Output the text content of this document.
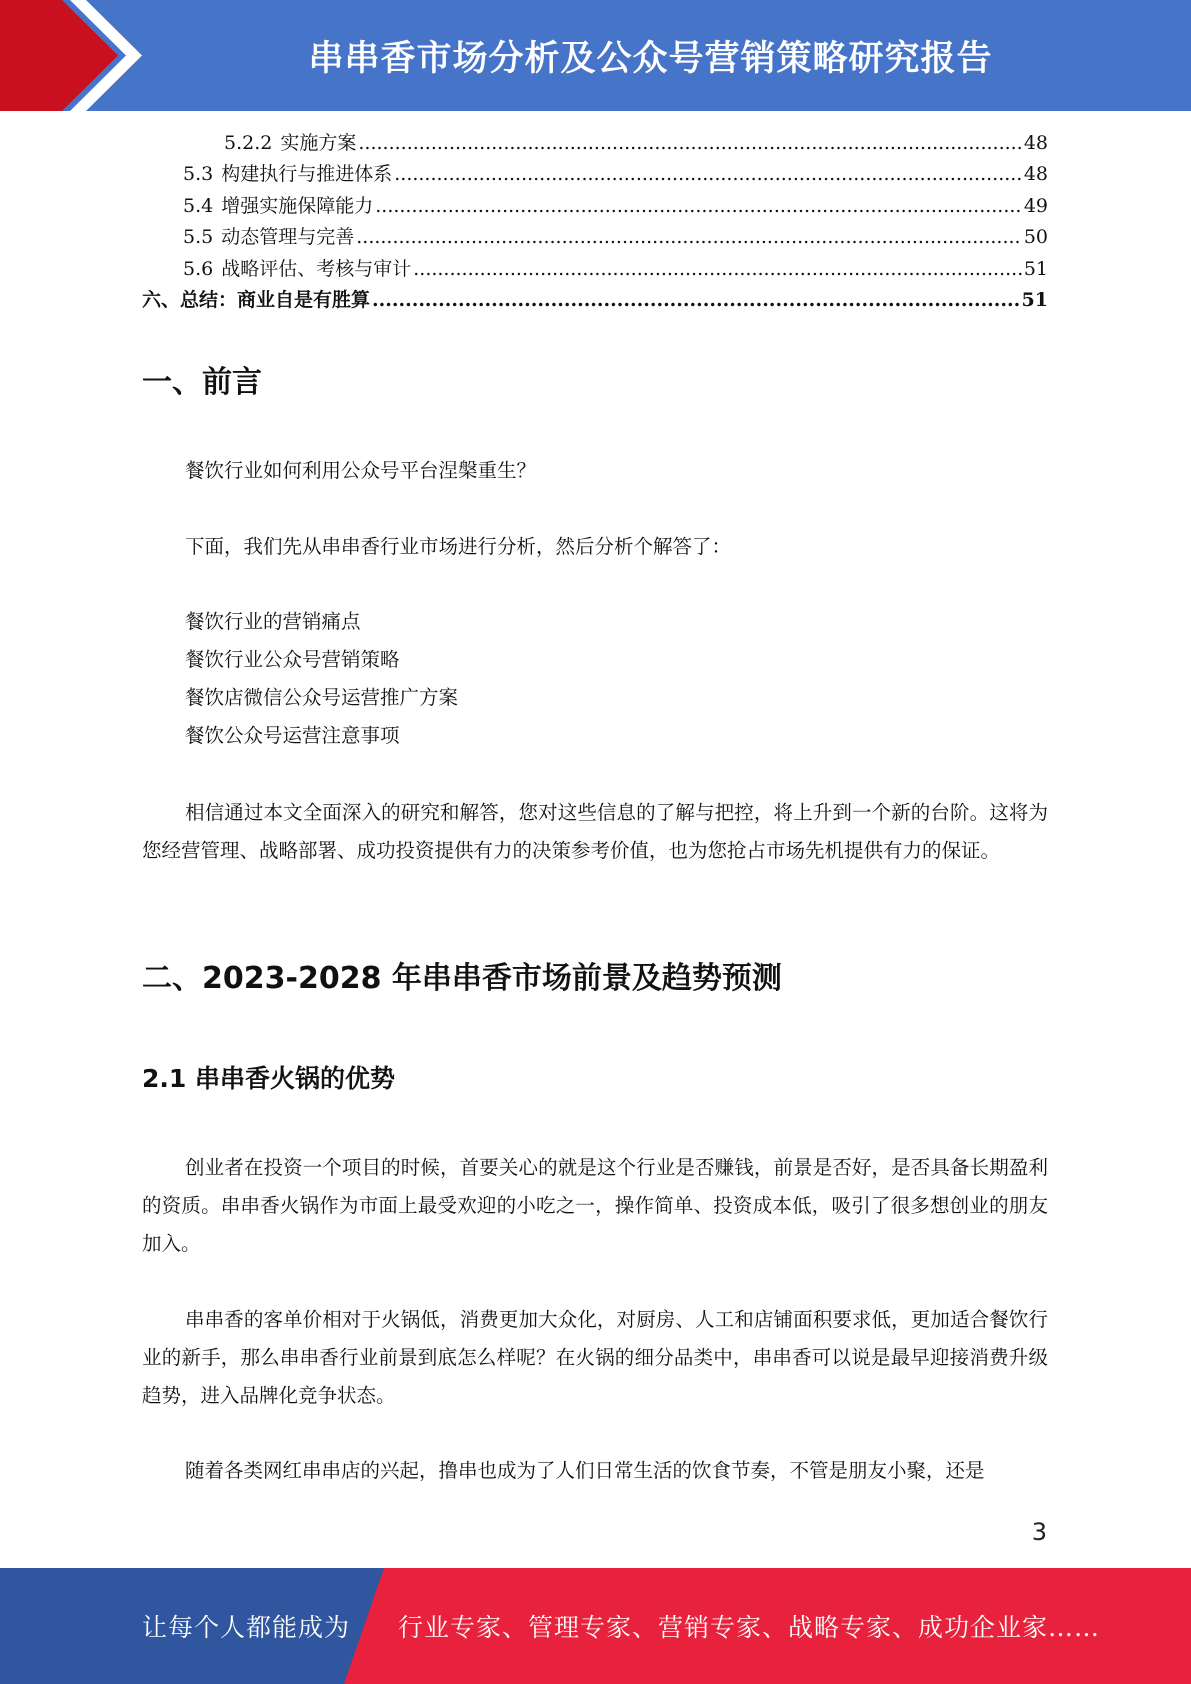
串串香市场分析及公众号营销策略研究报告
5.2.2 实施方案 .....	48
5.3 构建执行与推进体系 .....	48
5.4 增强实施保障能力 .....	49
5.5 动态管理与完善 .....	50
5.6 战略评估、考核与审计 .....	51
六、总结：商业自是有胜算 .....	51
一、前言

餐饮行业如何利用公众号平台涅槃重生？

下面，我们先从串串香行业市场进行分析，然后分析个解答了：

餐饮行业的营销痛点
餐饮行业公众号营销策略
餐饮店微信公众号运营推广方案
餐饮公众号运营注意事项

相信通过本文全面深入的研究和解答，您对这些信息的了解与把控，将上升到一个新的台阶。这将为您经营管理、战略部署、成功投资提供有力的决策参考价值，也为您抢占市场先机提供有力的保证。

二、2023-2028 年串串香市场前景及趋势预测
2.1 串串香火锅的优势

创业者在投资一个项目的时候，首要关心的就是这个行业是否赚钱，前景是否好，是否具备长期盈利的资质。串串香火锅作为市面上最受欢迎的小吃之一，操作简单、投资成本低，吸引了很多想创业的朋友加入。

串串香的客单价相对于火锅低，消费更加大众化，对厨房、人工和店铺面积要求低，更加适合餐饮行业的新手，那么串串香行业前景到底怎么样呢？在火锅的细分品类中，串串香可以说是最早迎接消费升级趋势，进入品牌化竞争状态。

随着各类网红串串店的兴起，撸串也成为了人们日常生活的饮食节奏，不管是朋友小聚，还是

3
让每个人都能成为 行业专家、管理专家、营销专家、战略专家、成功企业家……
